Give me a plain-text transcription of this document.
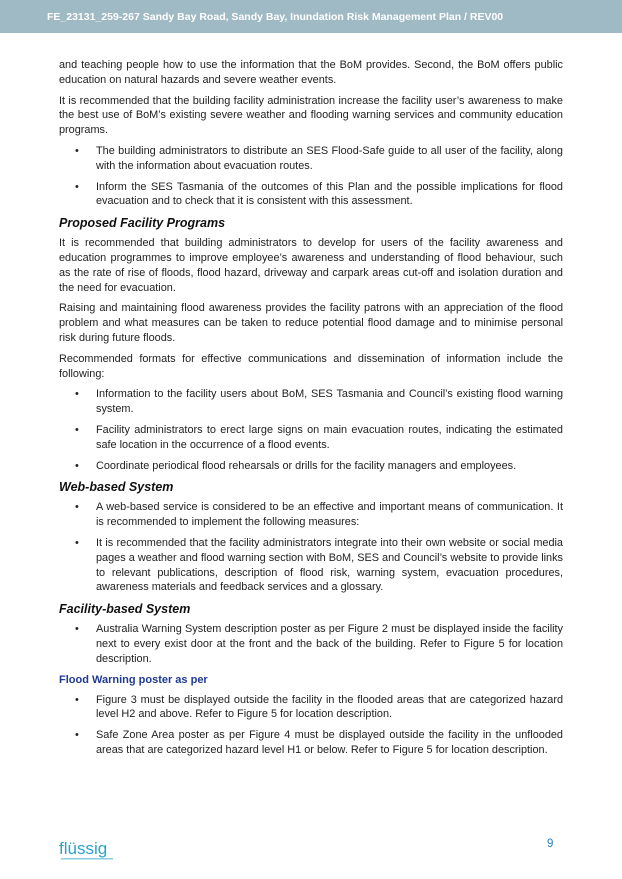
FE_23131_259-267 Sandy Bay Road, Sandy Bay, Inundation Risk Management Plan / REV00

and teaching people how to use the information that the BoM provides. Second, the BoM offers public education on natural hazards and severe weather events.

It is recommended that the building facility administration increase the facility user’s awareness to make the best use of BoM’s existing severe weather and flooding warning services and community education programs.

• The building administrators to distribute an SES Flood-Safe guide to all user of the facility, along with the information about evacuation routes.
• Inform the SES Tasmania of the outcomes of this Plan and the possible implications for flood evacuation and to check that it is consistent with this assessment.
Proposed Facility Programs

It is recommended that building administrators to develop for users of the facility awareness and education programmes to improve employee’s awareness and understanding of flood behaviour, such as the rate of rise of floods, flood hazard, driveway and carpark areas cut-off and isolation duration and the need for evacuation.

Raising and maintaining flood awareness provides the facility patrons with an appreciation of the flood problem and what measures can be taken to reduce potential flood damage and to minimise personal risk during future floods.

Recommended formats for effective communications and dissemination of information include the following:

• Information to the facility users about BoM, SES Tasmania and Council’s existing flood warning system.
• Facility administrators to erect large signs on main evacuation routes, indicating the estimated safe location in the occurrence of a flood events.
• Coordinate periodical flood rehearsals or drills for the facility managers and employees.
Web-based System
• A web-based service is considered to be an effective and important means of communication. It is recommended to implement the following measures:
• It is recommended that the facility administrators integrate into their own website or social media pages a weather and flood warning section with BoM, SES and Council’s website to provide links to relevant publications, description of flood risk, warning system, evacuation procedures, awareness materials and feedback services and a glossary.
Facility-based System
• Australia Warning System description poster as per Figure 2 must be displayed inside the facility next to every exist door at the front and the back of the building. Refer to Figure 5 for location description.
Flood Warning poster as per
• Figure 3 must be displayed outside the facility in the flooded areas that are categorized hazard level H2 and above. Refer to Figure 5 for location description.
• Safe Zone Area poster as per Figure 4 must be displayed outside the facility in the unflooded areas that are categorized hazard level H1 or below. Refer to Figure 5 for location description.
flüssig	9
